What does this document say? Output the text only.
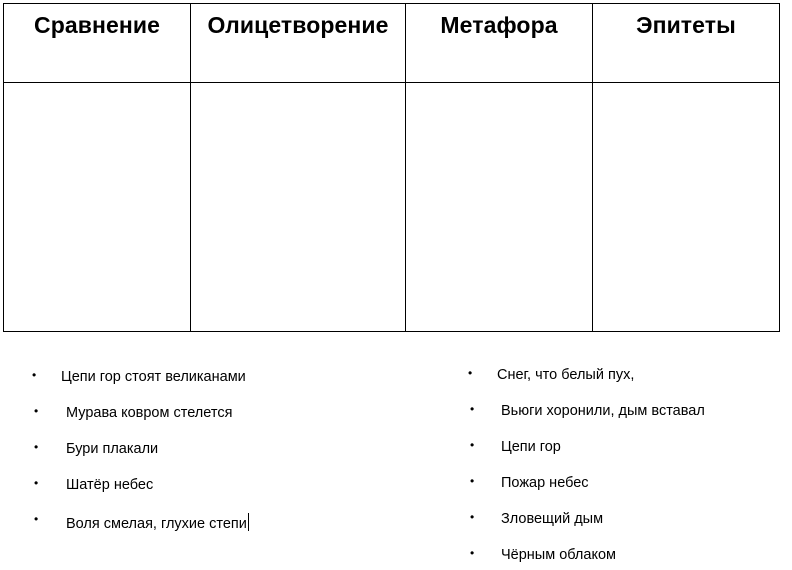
Сравнение	Олицетворение	Метафора	Эпитеты

• Цепи гор стоят великанами
• Мурава ковром стелется
• Бури плакали
• Шатёр небес
• Воля смелая, глухие степи
• Снег, что белый пух,
• Вьюги хоронили, дым вставал
• Цепи гор
• Пожар небес
• Зловещий дым
• Чёрным облаком
